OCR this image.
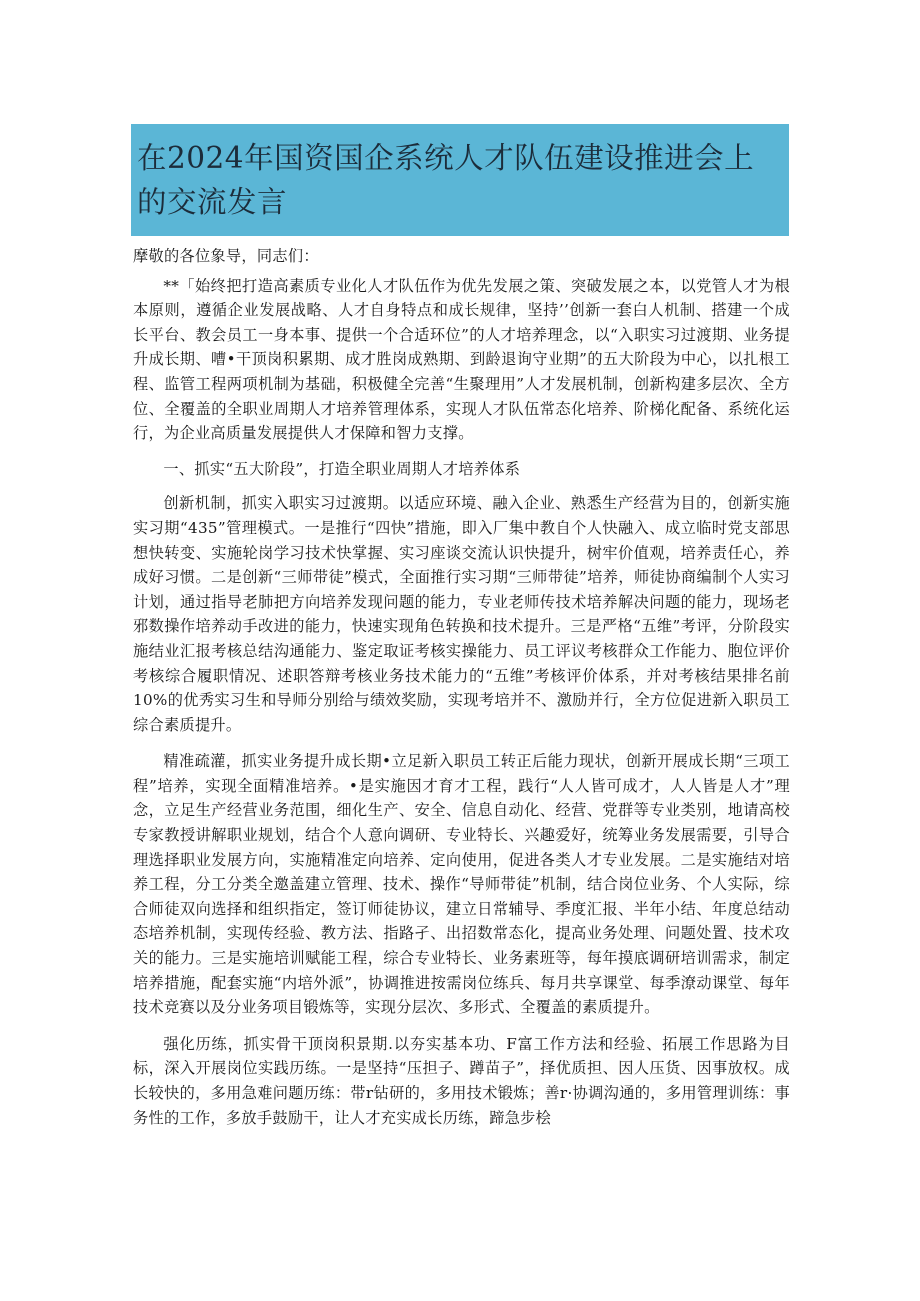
在2024年国资国企系统人才队伍建设推进会上的交流发言

摩敬的各位象导，同志们：

**「始终把打造高素质专业化人才队伍作为优先发展之策、突破发展之本，以党管人才为根本原则，遵循企业发展战略、人才自身特点和成长规律，坚持’’创新一套白人机制、搭建一个成长平台、教会员工一身本事、提供一个合适环位”的人才培养理念，以“入职实习过渡期、业务提升成长期、嘈•干顶岗积累期、成才胜岗成熟期、到龄退询守业期”的五大阶段为中心，以扎根工程、监管工程两项机制为基础，积极健全完善“生聚理用”人才发展机制，创新构建多层次、全方位、全覆盖的全职业周期人才培养管理体系，实现人才队伍常态化培养、阶梯化配备、系统化运行，为企业高质量发展提供人才保障和智力支撑。

一、抓实“五大阶段”，打造全职业周期人才培养体系

创新机制，抓实入职实习过渡期。以适应环境、融入企业、熟悉生产经营为目的，创新实施实习期“435”管理模式。一是推行“四快”措施，即入厂集中教自个人快融入、成立临时党支部思想快转变、实施轮岗学习技术快掌握、实习座谈交流认识快提升，树牢价值观，培养责任心，养成好习惯。二是创新“三师带徒”模式，全面推行实习期“三师带徒”培养，师徒协商编制个人实习计划，通过指导老肺把方向培养发现问题的能力，专业老师传技术培养解决问题的能力，现场老邪数操作培养动手改进的能力，快速实现角色转换和技术提升。三是严格“五维”考评，分阶段实施结业汇报考核总结沟通能力、鉴定取证考核实操能力、员工评议考核群众工作能力、胞位评价考核综合履职情况、述职答辩考核业务技术能力的“五维”考核评价体系，并对考核结果排名前10%的优秀实习生和导师分别给与绩效奖励，实现考培并不、激励并行，全方位促进新入职员工综合素质提升。

精准疏灌，抓实业务提升成长期•立足新入职员工转正后能力现状，创新开展成长期“三项工程”培养，实现全面精准培养。•是实施因才育才工程，践行“人人皆可成才，人人皆是人才”理念，立足生产经营业务范围，细化生产、安全、信息自动化、经营、党群等专业类别，地请高校专家教授讲解职业规划，结合个人意向调研、专业特长、兴趣爱好，统筹业务发展需要，引导合理选择职业发展方向，实施精准定向培养、定向使用，促进各类人才专业发展。二是实施结对培养工程，分工分类全邀盖建立管理、技术、操作“导师带徒”机制，结合岗位业务、个人实际，综合师徒双向选择和组织指定，签订师徒协议，建立日常辅导、季度汇报、半年小结、年度总结动态培养机制，实现传经验、教方法、指路孑、出招数常态化，提高业务处理、问题处置、技术攻关的能力。三是实施培训赋能工程，综合专业特长、业务素班等，每年摸底调研培训需求，制定培养措施，配套实施“内培外派”，协调推进按需岗位练兵、每月共享课堂、每季潦动课堂、每年技术竞赛以及分业务项目锻炼等，实现分层次、多形式、全覆盖的素质提升。

强化历练，抓实骨干顶岗积景期.以夯实基本功、F富工作方法和经验、拓展工作思路为目标，深入开展岗位实践历练。一是坚持“压担子、蹲苗子”，择优质担、因人压货、因事放权。成长较快的，多用急难问题历练：带r钻研的，多用技术锻炼；善r·协调沟通的，多用管理训练：事务性的工作，多放手鼓励干，让人才充实成长历练，蹄急步桧
